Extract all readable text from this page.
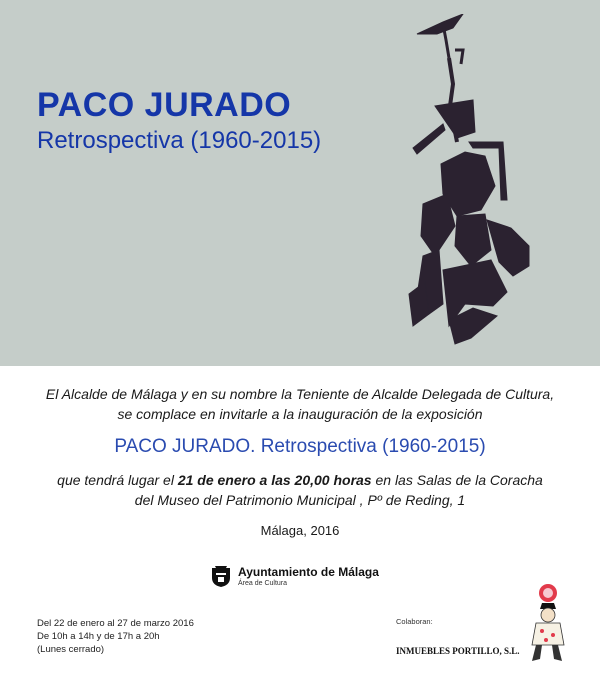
PACO JURADO
Retrospectiva (1960-2015)
El Alcalde de Málaga y en su nombre la Teniente de Alcalde Delegada de Cultura,
se complace en invitarle a la inauguración de la exposición
PACO JURADO. Retrospectiva (1960-2015)
que tendrá lugar el 21 de enero a las 20,00 horas en las Salas de la Coracha
del Museo del Patrimonio Municipal , Pº de Reding, 1
Málaga, 2016
Ayuntamiento de Málaga
Área de Cultura
Del 22 de enero al 27 de marzo 2016
De 10h a 14h y de 17h a 20h
(Lunes cerrado)
Colaboran:
INMUEBLES PORTILLO, S.L.
